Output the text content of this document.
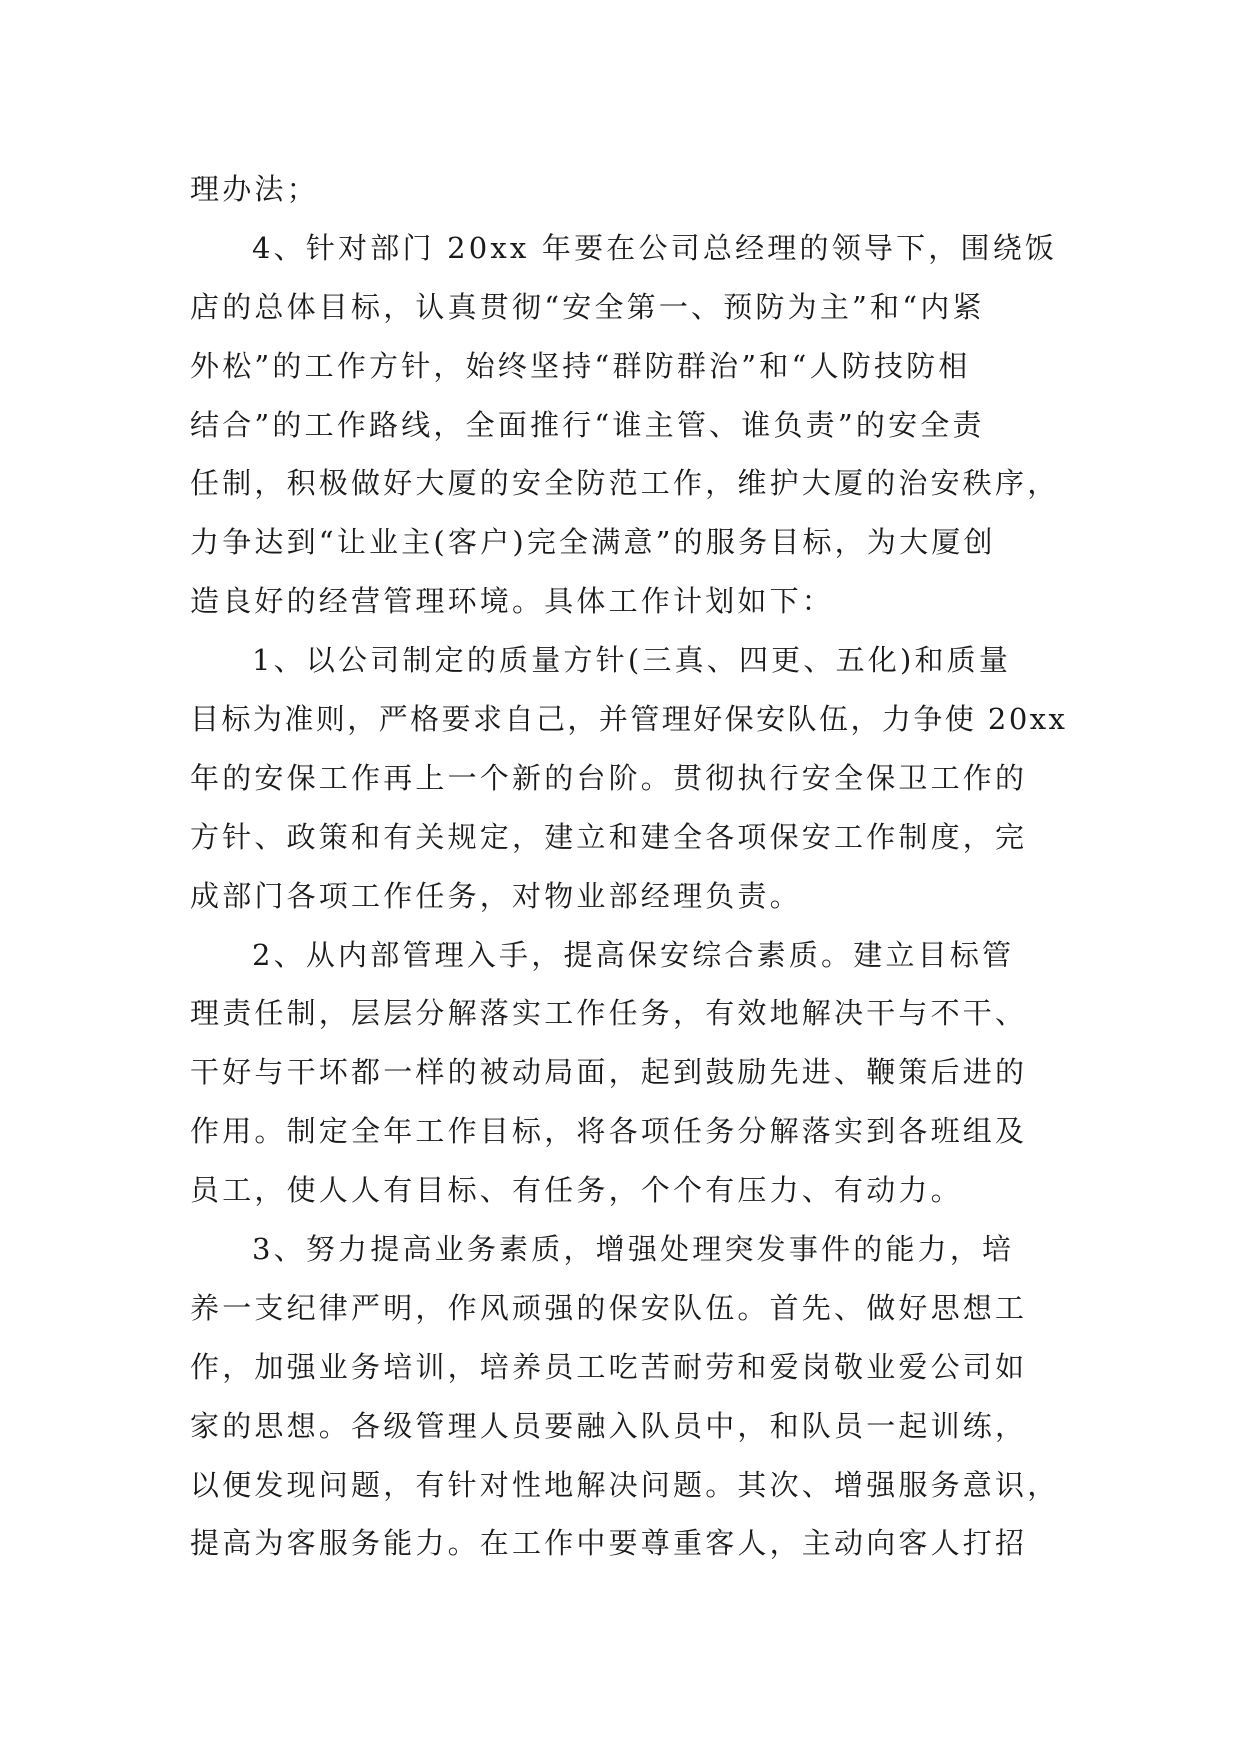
理办法；
4、针对部门 20xx 年要在公司总经理的领导下，围绕饭
店的总体目标，认真贯彻“安全第一、预防为主”和“内紧
外松”的工作方针，始终坚持“群防群治”和“人防技防相
结合”的工作路线，全面推行“谁主管、谁负责”的安全责
任制，积极做好大厦的安全防范工作，维护大厦的治安秩序，
力争达到“让业主(客户)完全满意”的服务目标，为大厦创
造良好的经营管理环境。具体工作计划如下：
1、以公司制定的质量方针(三真、四更、五化)和质量
目标为准则，严格要求自己，并管理好保安队伍，力争使 20xx
年的安保工作再上一个新的台阶。贯彻执行安全保卫工作的
方针、政策和有关规定，建立和建全各项保安工作制度，完
成部门各项工作任务，对物业部经理负责。
2、从内部管理入手，提高保安综合素质。建立目标管
理责任制，层层分解落实工作任务，有效地解决干与不干、
干好与干坏都一样的被动局面，起到鼓励先进、鞭策后进的
作用。制定全年工作目标，将各项任务分解落实到各班组及
员工，使人人有目标、有任务，个个有压力、有动力。
3、努力提高业务素质，增强处理突发事件的能力，培
养一支纪律严明，作风顽强的保安队伍。首先、做好思想工
作，加强业务培训，培养员工吃苦耐劳和爱岗敬业爱公司如
家的思想。各级管理人员要融入队员中，和队员一起训练，
以便发现问题，有针对性地解决问题。其次、增强服务意识，
提高为客服务能力。在工作中要尊重客人，主动向客人打招
